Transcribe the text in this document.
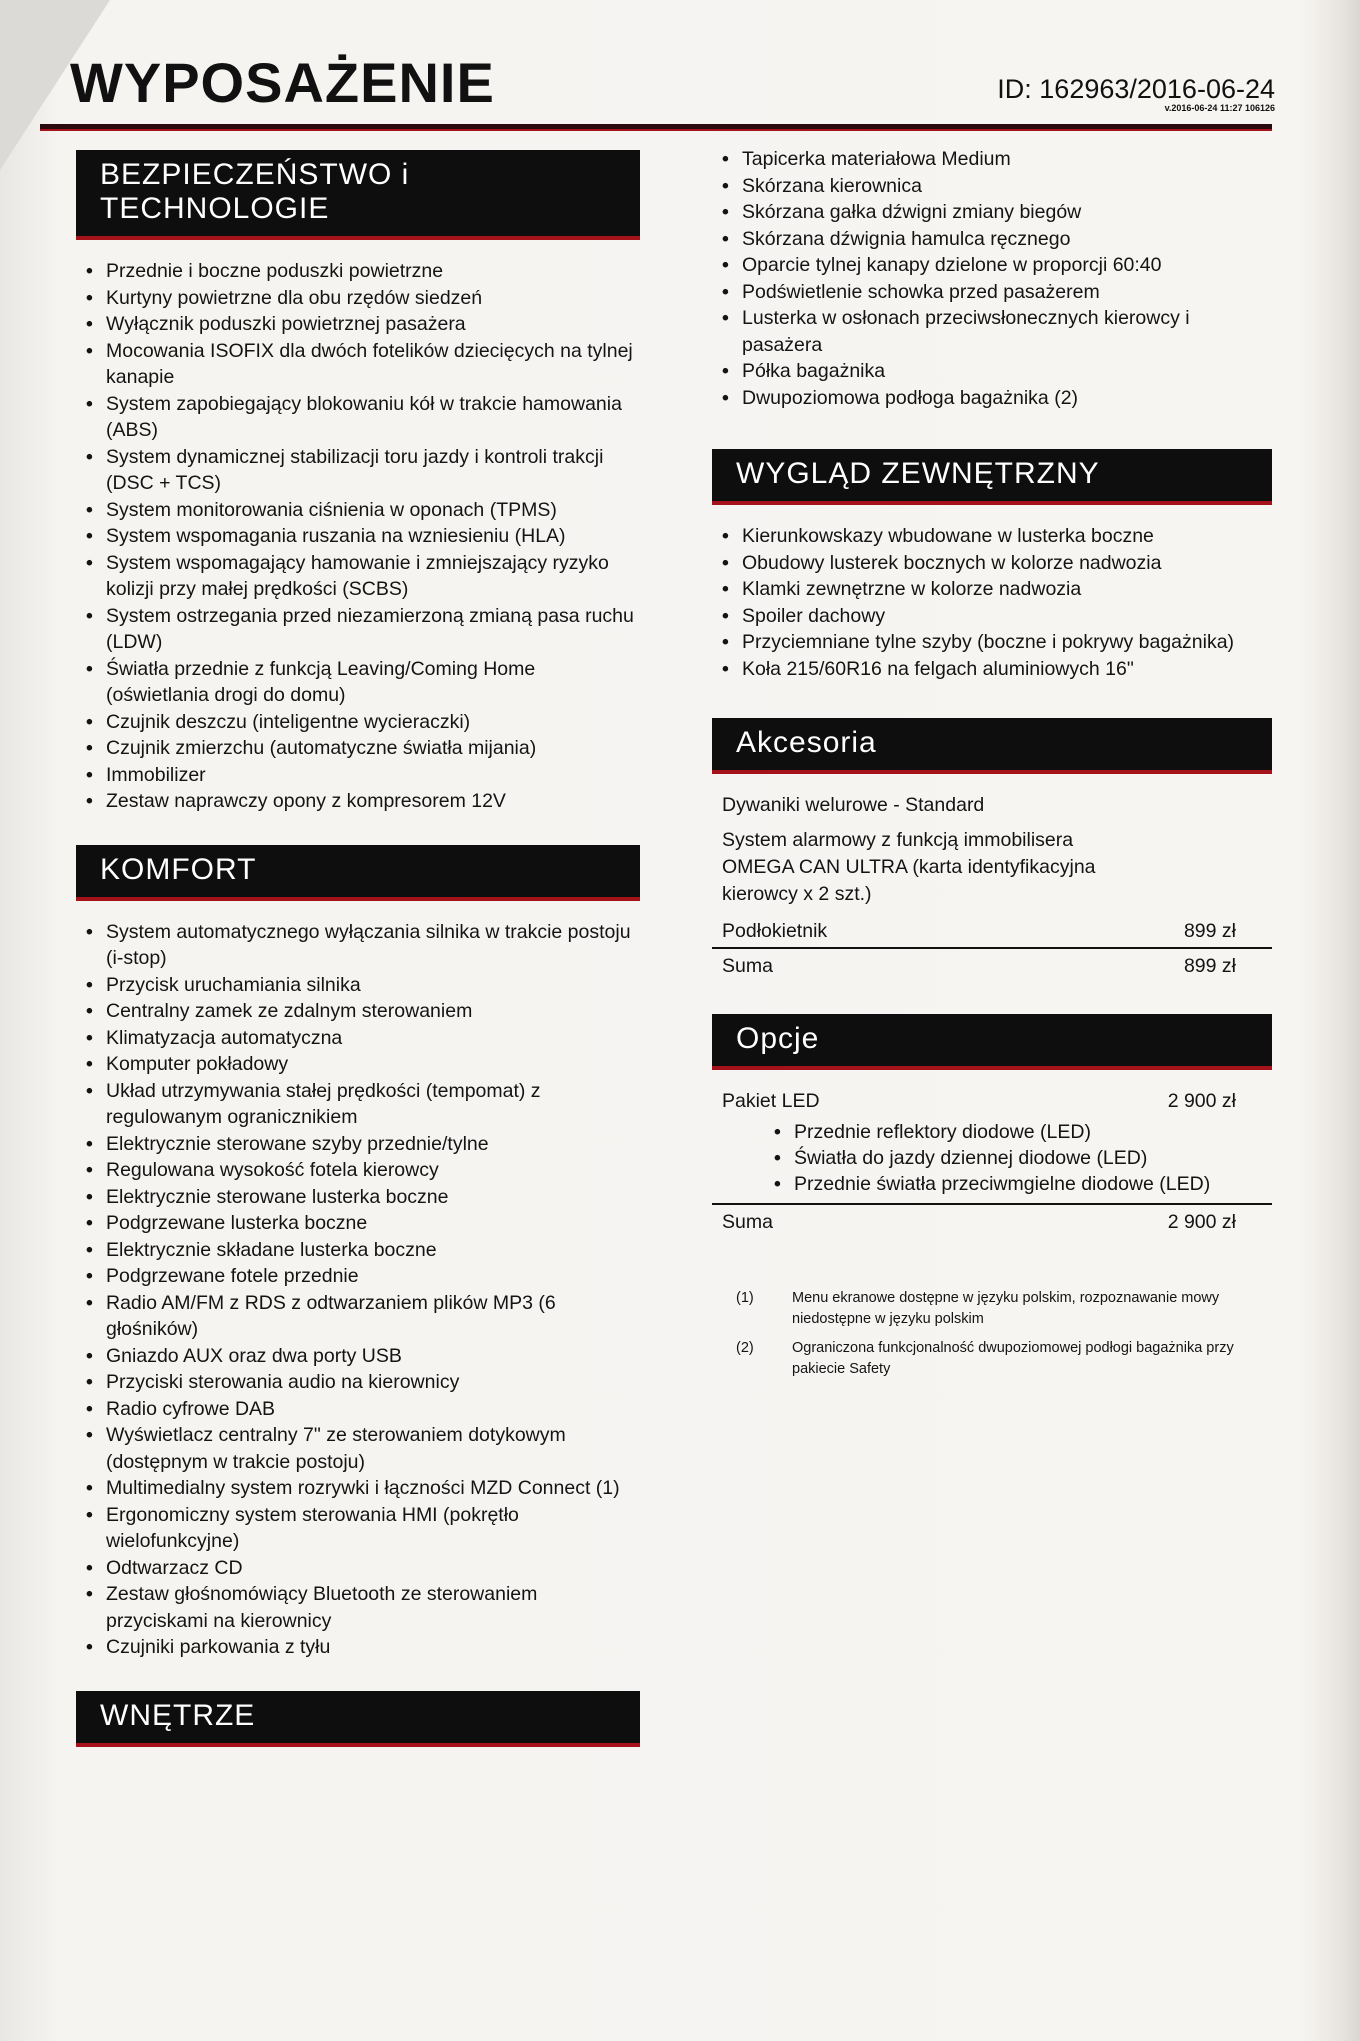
WYPOSAŻENIE	ID: 162963/2016-06-24
v.2016-06-24 11:27 106126
BEZPIECZEŃSTWO i TECHNOLOGIE
• Przednie i boczne poduszki powietrzne
• Kurtyny powietrzne dla obu rzędów siedzeń
• Wyłącznik poduszki powietrznej pasażera
• Mocowania ISOFIX dla dwóch fotelików dziecięcych na tylnej kanapie
• System zapobiegający blokowaniu kół w trakcie hamowania (ABS)
• System dynamicznej stabilizacji toru jazdy i kontroli trakcji (DSC + TCS)
• System monitorowania ciśnienia w oponach (TPMS)
• System wspomagania ruszania na wzniesieniu (HLA)
• System wspomagający hamowanie i zmniejszający ryzyko kolizji przy małej prędkości (SCBS)
• System ostrzegania przed niezamierzoną zmianą pasa ruchu (LDW)
• Światła przednie z funkcją Leaving/Coming Home (oświetlania drogi do domu)
• Czujnik deszczu (inteligentne wycieraczki)
• Czujnik zmierzchu (automatyczne światła mijania)
• Immobilizer
• Zestaw naprawczy opony z kompresorem 12V
KOMFORT
• System automatycznego wyłączania silnika w trakcie postoju (i-stop)
• Przycisk uruchamiania silnika
• Centralny zamek ze zdalnym sterowaniem
• Klimatyzacja automatyczna
• Komputer pokładowy
• Układ utrzymywania stałej prędkości (tempomat) z regulowanym ogranicznikiem
• Elektrycznie sterowane szyby przednie/tylne
• Regulowana wysokość fotela kierowcy
• Elektrycznie sterowane lusterka boczne
• Podgrzewane lusterka boczne
• Elektrycznie składane lusterka boczne
• Podgrzewane fotele przednie
• Radio AM/FM z RDS z odtwarzaniem plików MP3 (6 głośników)
• Gniazdo AUX oraz dwa porty USB
• Przyciski sterowania audio na kierownicy
• Radio cyfrowe DAB
• Wyświetlacz centralny 7" ze sterowaniem dotykowym (dostępnym w trakcie postoju)
• Multimedialny system rozrywki i łączności MZD Connect (1)
• Ergonomiczny system sterowania HMI (pokrętło wielofunkcyjne)
• Odtwarzacz CD
• Zestaw głośnomówiący Bluetooth ze sterowaniem przyciskami na kierownicy
• Czujniki parkowania z tyłu
WNĘTRZE
• Tapicerka materiałowa Medium
• Skórzana kierownica
• Skórzana gałka dźwigni zmiany biegów
• Skórzana dźwignia hamulca ręcznego
• Oparcie tylnej kanapy dzielone w proporcji 60:40
• Podświetlenie schowka przed pasażerem
• Lusterka w osłonach przeciwsłonecznych kierowcy i pasażera
• Półka bagażnika
• Dwupoziomowa podłoga bagażnika (2)
WYGLĄD ZEWNĘTRZNY
• Kierunkowskazy wbudowane w lusterka boczne
• Obudowy lusterek bocznych w kolorze nadwozia
• Klamki zewnętrzne w kolorze nadwozia
• Spoiler dachowy
• Przyciemniane tylne szyby (boczne i pokrywy bagażnika)
• Koła 215/60R16 na felgach aluminiowych 16"
Akcesoria
Dywaniki welurowe - Standard
System alarmowy z funkcją immobilisera OMEGA CAN ULTRA (karta identyfikacyjna kierowcy x 2 szt.)
Podłokietnik	899 zł
Suma	899 zł
Opcje
Pakiet LED	2 900 zł
• Przednie reflektory diodowe (LED)
• Światła do jazdy dziennej diodowe (LED)
• Przednie światła przeciwmgielne diodowe (LED)
Suma	2 900 zł
(1)	Menu ekranowe dostępne w języku polskim, rozpoznawanie mowy niedostępne w języku polskim
(2)	Ograniczona funkcjonalność dwupoziomowej podłogi bagażnika przy pakiecie Safety
